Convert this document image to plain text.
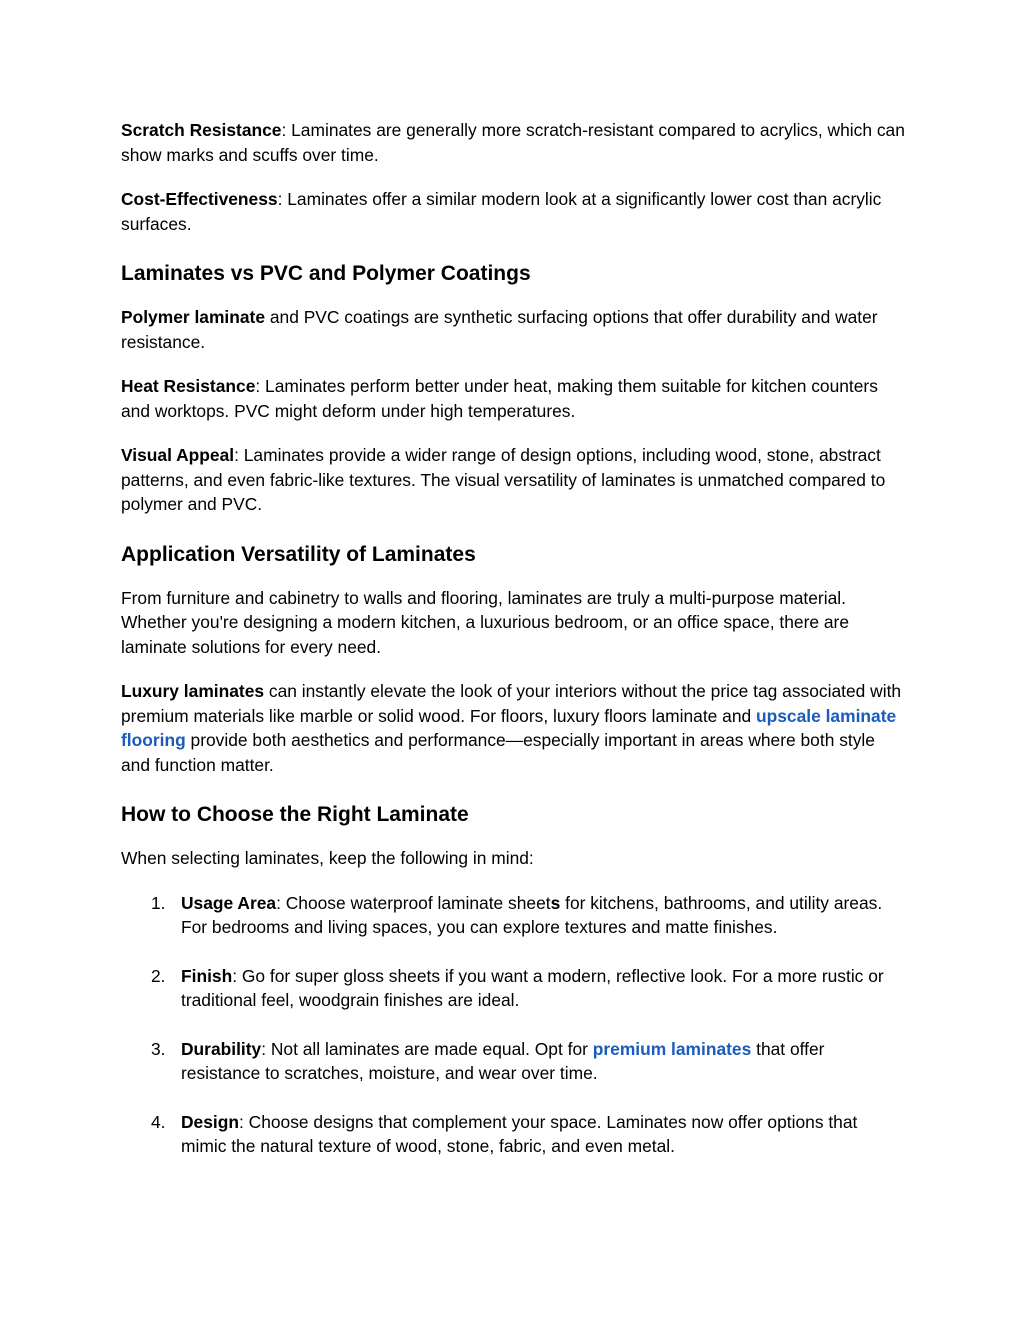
Scratch Resistance: Laminates are generally more scratch-resistant compared to acrylics, which can show marks and scuffs over time.

Cost-Effectiveness: Laminates offer a similar modern look at a significantly lower cost than acrylic surfaces.

Laminates vs PVC and Polymer Coatings

Polymer laminate and PVC coatings are synthetic surfacing options that offer durability and water resistance.

Heat Resistance: Laminates perform better under heat, making them suitable for kitchen counters and worktops. PVC might deform under high temperatures.

Visual Appeal: Laminates provide a wider range of design options, including wood, stone, abstract patterns, and even fabric-like textures. The visual versatility of laminates is unmatched compared to polymer and PVC.

Application Versatility of Laminates

From furniture and cabinetry to walls and flooring, laminates are truly a multi-purpose material. Whether you're designing a modern kitchen, a luxurious bedroom, or an office space, there are laminate solutions for every need.

Luxury laminates can instantly elevate the look of your interiors without the price tag associated with premium materials like marble or solid wood. For floors, luxury floors laminate and upscale laminate flooring provide both aesthetics and performance—especially important in areas where both style and function matter.

How to Choose the Right Laminate

When selecting laminates, keep the following in mind:

1. Usage Area: Choose waterproof laminate sheets for kitchens, bathrooms, and utility areas. For bedrooms and living spaces, you can explore textures and matte finishes.
2. Finish: Go for super gloss sheets if you want a modern, reflective look. For a more rustic or traditional feel, woodgrain finishes are ideal.
3. Durability: Not all laminates are made equal. Opt for premium laminates that offer resistance to scratches, moisture, and wear over time.
4. Design: Choose designs that complement your space. Laminates now offer options that mimic the natural texture of wood, stone, fabric, and even metal.
